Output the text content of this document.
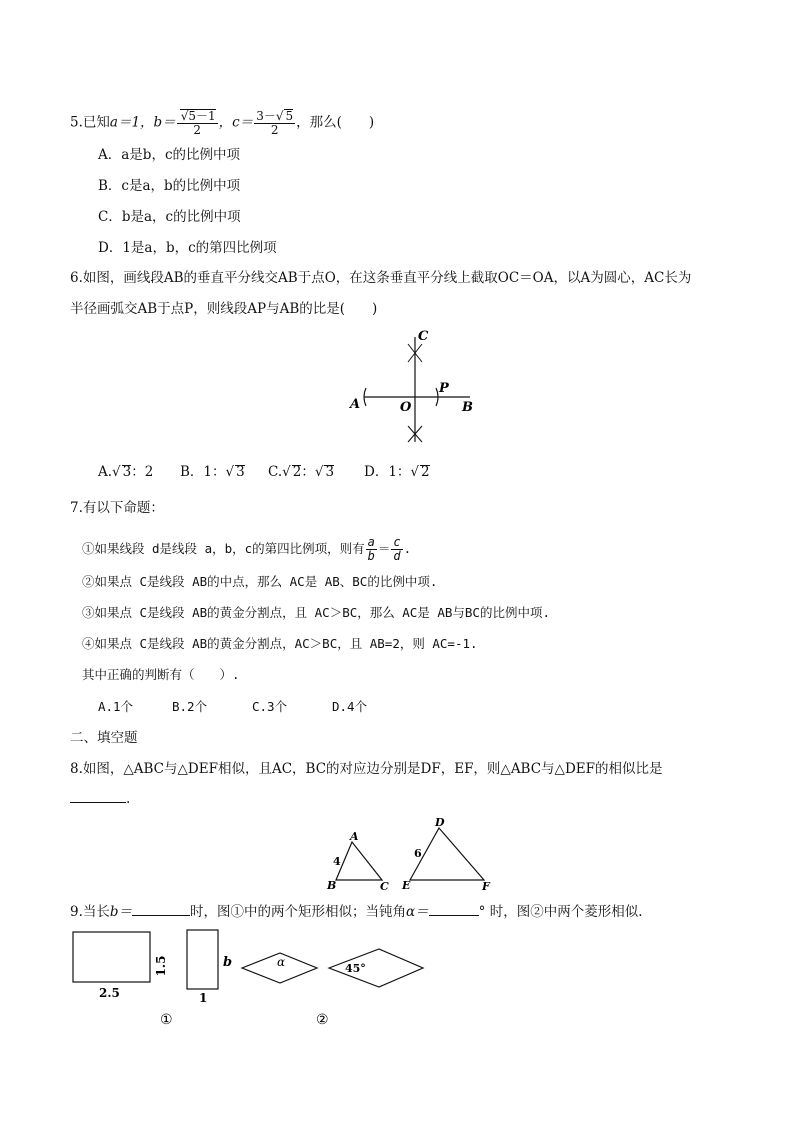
5.已知a＝1，$b= \frac{√5-1}{2}$ ，$c= \frac{3-√ 5}{2}$ ，那么(　　)
A．a是b，c的比例中项
B．c是a，b的比例中项
C．b是a，c的比例中项
D．1是a，b，c的第四比例项
6.如图，画线段AB的垂直平分线交AB于点O，在这条垂直平分线上截取OC＝OA，以A为圆心，AC长为
半径画弧交AB于点P，则线段AP与AB的比是(　　)
A	B
C
O
P
A.√ 3：2 B．1：√ 3 C.√ 2：√ 3 D．1：√ 2
7.有以下命题：
①如果线段 d是线段 a，b，c的第四比例项，则有 $\frac{a}{b} = \frac{c}{d}$ .
②如果点 C是线段 AB的中点，那么 AC是 AB、BC的比例中项.
③如果点 C是线段 AB的黄金分割点，且 AC＞BC，那么 AC是 AB与BC的比例中项.
④如果点 C是线段 AB的黄金分割点，AC＞BC，且 AB=2，则 AC=-1.
其中正确的判断有（　　）.
A.1个	B.2个	C.3个	D.4个
二、填空题
8.如图，△ABC与△DEF相似，且AC，BC的对应边分别是DF，EF，则△ABC与△DEF的相似比是
.
A
B	C
4
D
E	F
6
9.当长b＝	时，图①中的两个矩形相似；当钝角α＝	° 时，图②中两个菱形相似.
2.5
1.5
1
b	α	45°
①	②
